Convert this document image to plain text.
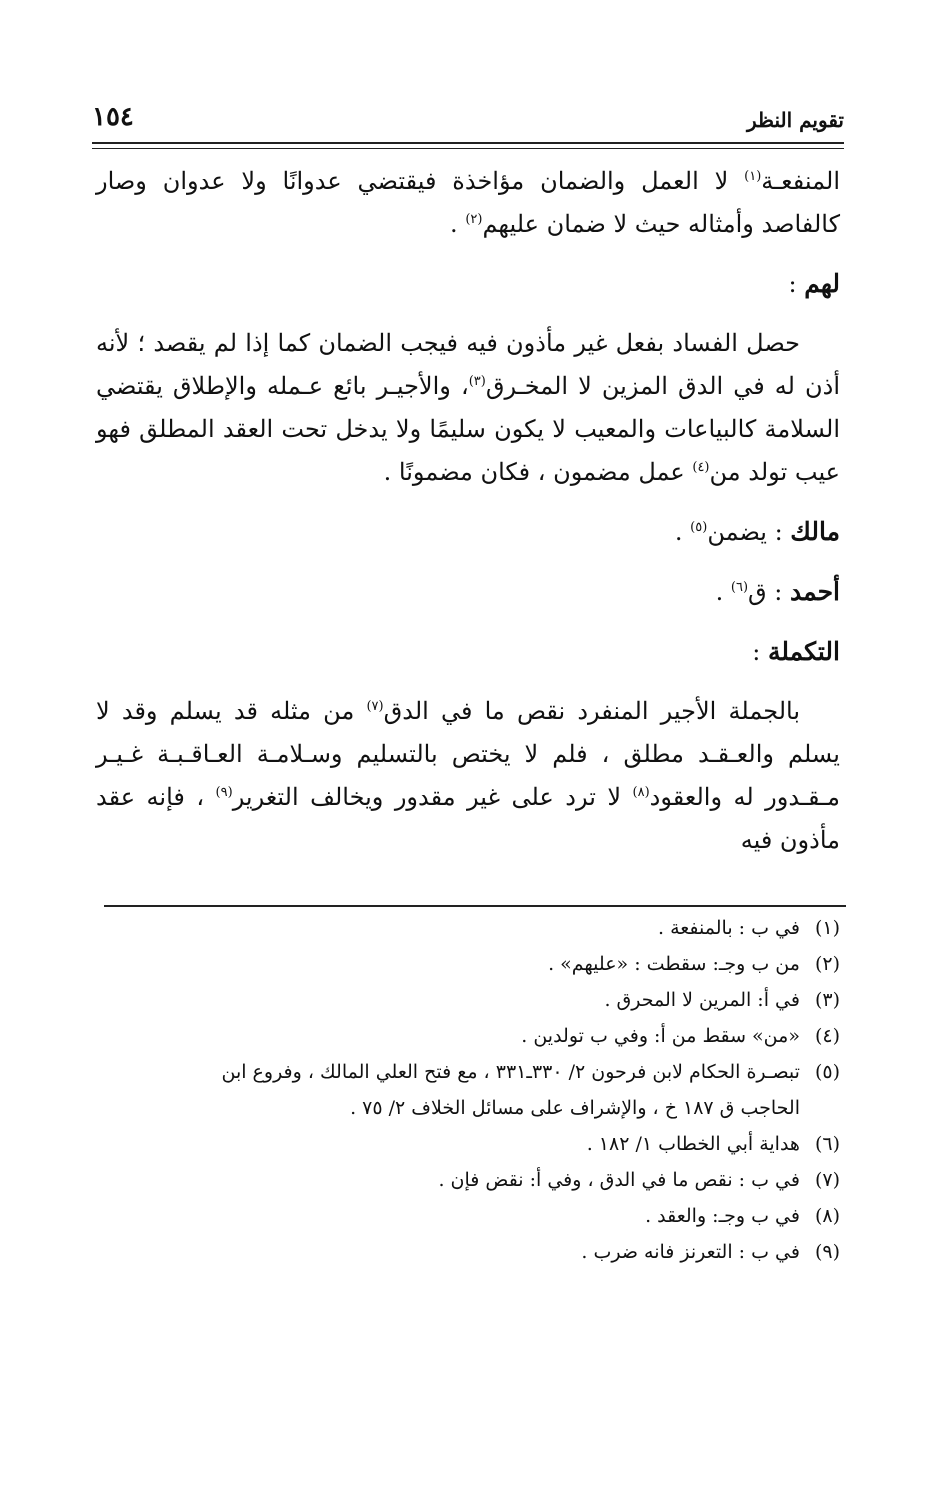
تقويم النظر
١٥٤

المنفعـة$^{(١)}$ لا العمل والضمان مؤاخذة فيقتضي عدوانًا ولا عدوان وصار كالفاصد وأمثاله حيث لا ضمان عليهم$^{(٢)}$ .

لهم :

حصل الفساد بفعل غير مأذون فيه فيجب الضمان كما إذا لم يقصد ؛ لأنه أذن له في الدق المزين لا المخـرق$^{(٣)}$، والأجيـر بائع عـمله والإطلاق يقتضي السلامة كالبياعات والمعيب لا يكون سليمًا ولا يدخل تحت العقد المطلق فهو عيب تولد من$^{(٤)}$ عمل مضمون ، فكان مضمونًا .

مالك : يضمن$^{(٥)}$ .

أحمد : ق$^{(٦)}$ .

التكملة :

بالجملة الأجير المنفرد نقص ما في الدق$^{(٧)}$ من مثله قد يسلم وقد لا يسلم والعـقـد مطلق ، فلم لا يختص بالتسليم وسـلامـة العـاقـبـة غـيـر مـقـدور له والعقود$^{(٨)}$ لا ترد على غير مقدور ويخالف التغرير$^{(٩)}$ ، فإنه عقد مأذون فيه

(١) في ب : بالمنفعة .

(٢) من ب وجـ: سقطت : «عليهم» .

(٣) في أ: المرين لا المحرق .

(٤) «من» سقط من أ: وفي ب تولدين .

(٥) تبصـرة الحكام لابن فرحون ٢/ ٣٣٠ـ٣٣١ ، مع فتح العلي المالك ، وفروع ابن

الحاجب ق ١٨٧ خ ، والإشراف على مسائل الخلاف ٢/ ٧٥ .

(٦) هداية أبي الخطاب ١/ ١٨٢ .

(٧) في ب : نقص ما في الدق ، وفي أ: نقض فإن .

(٨) في ب وجـ: والعقد .

(٩) في ب : التعرنز فانه ضرب .
